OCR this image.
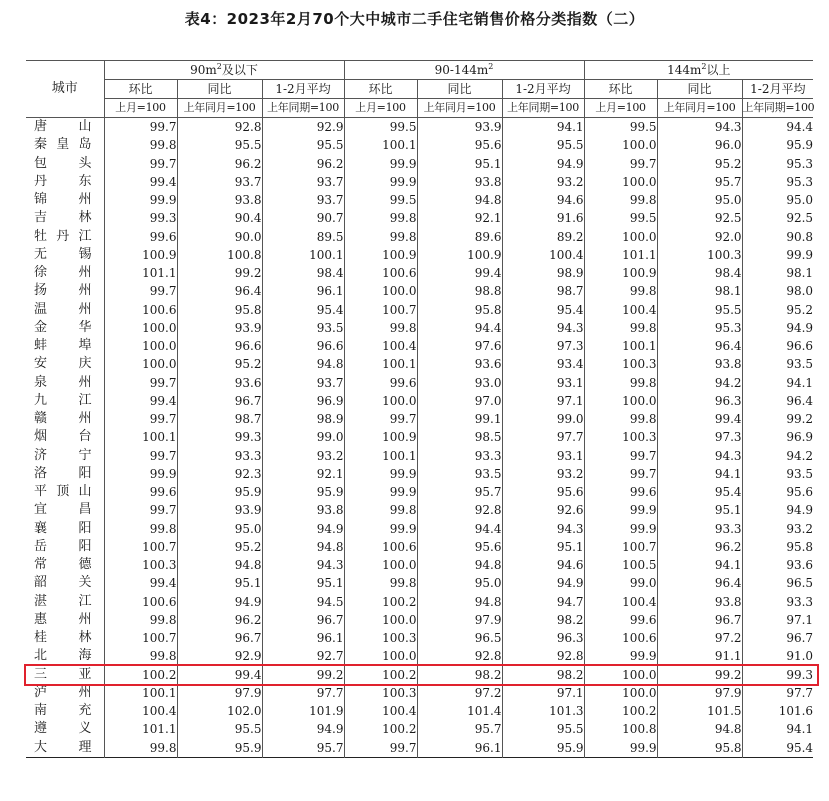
表4：2023年2月70个大中城市二手住宅销售价格分类指数（二）
城市	$90m^2$及以下			$90-144m^2$			$144m^2$以上		
	环比	同比	1-2月平均	环比	同比	1-2月平均	环比	同比	1-2月平均
	上月=100	上年同月=100	上年同期=100	上月=100	上年同月=100	上年同期=100	上月=100	上年同月=100	上年同期=100
唐山	99.7	92.8	92.9	99.5	93.9	94.1	99.5	94.3	94.4
秦皇岛	99.8	95.5	95.5	100.1	95.6	95.5	100.0	96.0	95.9
包头	99.7	96.2	96.2	99.9	95.1	94.9	99.7	95.2	95.3
丹东	99.4	93.7	93.7	99.9	93.8	93.2	100.0	95.7	95.3
锦州	99.9	93.8	93.7	99.5	94.8	94.6	99.8	95.0	95.0
吉林	99.3	90.4	90.7	99.8	92.1	91.6	99.5	92.5	92.5
牡丹江	99.6	90.0	89.5	99.8	89.6	89.2	100.0	92.0	90.8
无锡	100.9	100.8	100.1	100.9	100.9	100.4	101.1	100.3	99.9
徐州	101.1	99.2	98.4	100.6	99.4	98.9	100.9	98.4	98.1
扬州	99.7	96.4	96.1	100.0	98.8	98.7	99.8	98.1	98.0
温州	100.6	95.8	95.4	100.7	95.8	95.4	100.4	95.5	95.2
金华	100.0	93.9	93.5	99.8	94.4	94.3	99.8	95.3	94.9
蚌埠	100.0	96.6	96.6	100.4	97.6	97.3	100.1	96.4	96.6
安庆	100.0	95.2	94.8	100.1	93.6	93.4	100.3	93.8	93.5
泉州	99.7	93.6	93.7	99.6	93.0	93.1	99.8	94.2	94.1
九江	99.4	96.7	96.9	100.0	97.0	97.1	100.0	96.3	96.4
赣州	99.7	98.7	98.9	99.7	99.1	99.0	99.8	99.4	99.2
烟台	100.1	99.3	99.0	100.9	98.5	97.7	100.3	97.3	96.9
济宁	99.7	93.3	93.2	100.1	93.3	93.1	99.7	94.3	94.2
洛阳	99.9	92.3	92.1	99.9	93.5	93.2	99.7	94.1	93.5
平顶山	99.6	95.9	95.9	99.9	95.7	95.6	99.6	95.4	95.6
宜昌	99.7	93.9	93.8	99.8	92.8	92.6	99.9	95.1	94.9
襄阳	99.8	95.0	94.9	99.9	94.4	94.3	99.9	93.3	93.2
岳阳	100.7	95.2	94.8	100.6	95.6	95.1	100.7	96.2	95.8
常德	100.3	94.8	94.3	100.0	94.8	94.6	100.5	94.1	93.6
韶关	99.4	95.1	95.1	99.8	95.0	94.9	99.0	96.4	96.5
湛江	100.6	94.9	94.5	100.2	94.8	94.7	100.4	93.8	93.3
惠州	99.8	96.2	96.7	100.0	97.9	98.2	99.6	96.7	97.1
桂林	100.7	96.7	96.1	100.3	96.5	96.3	100.6	97.2	96.7
北海	99.8	92.9	92.7	100.0	92.8	92.8	99.9	91.1	91.0
三亚	100.2	99.4	99.2	100.2	98.2	98.2	100.0	99.2	99.3
泸州	100.1	97.9	97.7	100.3	97.2	97.1	100.0	97.9	97.7
南充	100.4	102.0	101.9	100.4	101.4	101.3	100.2	101.5	101.6
遵义	101.1	95.5	94.9	100.2	95.7	95.5	100.8	94.8	94.1
大理	99.8	95.9	95.7	99.7	96.1	95.9	99.9	95.8	95.4
